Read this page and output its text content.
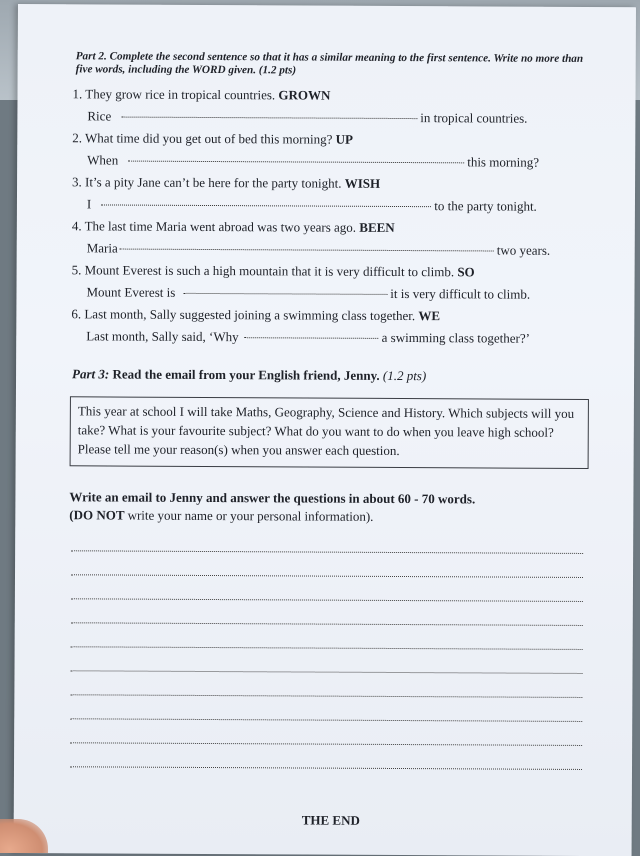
Part 2. Complete the second sentence so that it has a similar meaning to the first sentence. Write no more than five words, including the WORD given. (1.2 pts)
1. They grow rice in tropical countries. GROWN
Rice	in tropical countries.
2. What time did you get out of bed this morning? UP
When	this morning?
3. It’s a pity Jane can’t be here for the party tonight. WISH
I	to the party tonight.
4. The last time Maria went abroad was two years ago. BEEN
Maria	two years.
5. Mount Everest is such a high mountain that it is very difficult to climb. SO
Mount Everest is	it is very difficult to climb.
6. Last month, Sally suggested joining a swimming class together. WE
Last month, Sally said, ‘Why	a swimming class together?’
Part 3: Read the email from your English friend, Jenny. (1.2 pts)
This year at school I will take Maths, Geography, Science and History. Which subjects will you take? What is your favourite subject? What do you want to do when you leave high school? Please tell me your reason(s) when you answer each question.
Write an email to Jenny and answer the questions in about 60 - 70 words.
(DO NOT write your name or your personal information).
THE END
